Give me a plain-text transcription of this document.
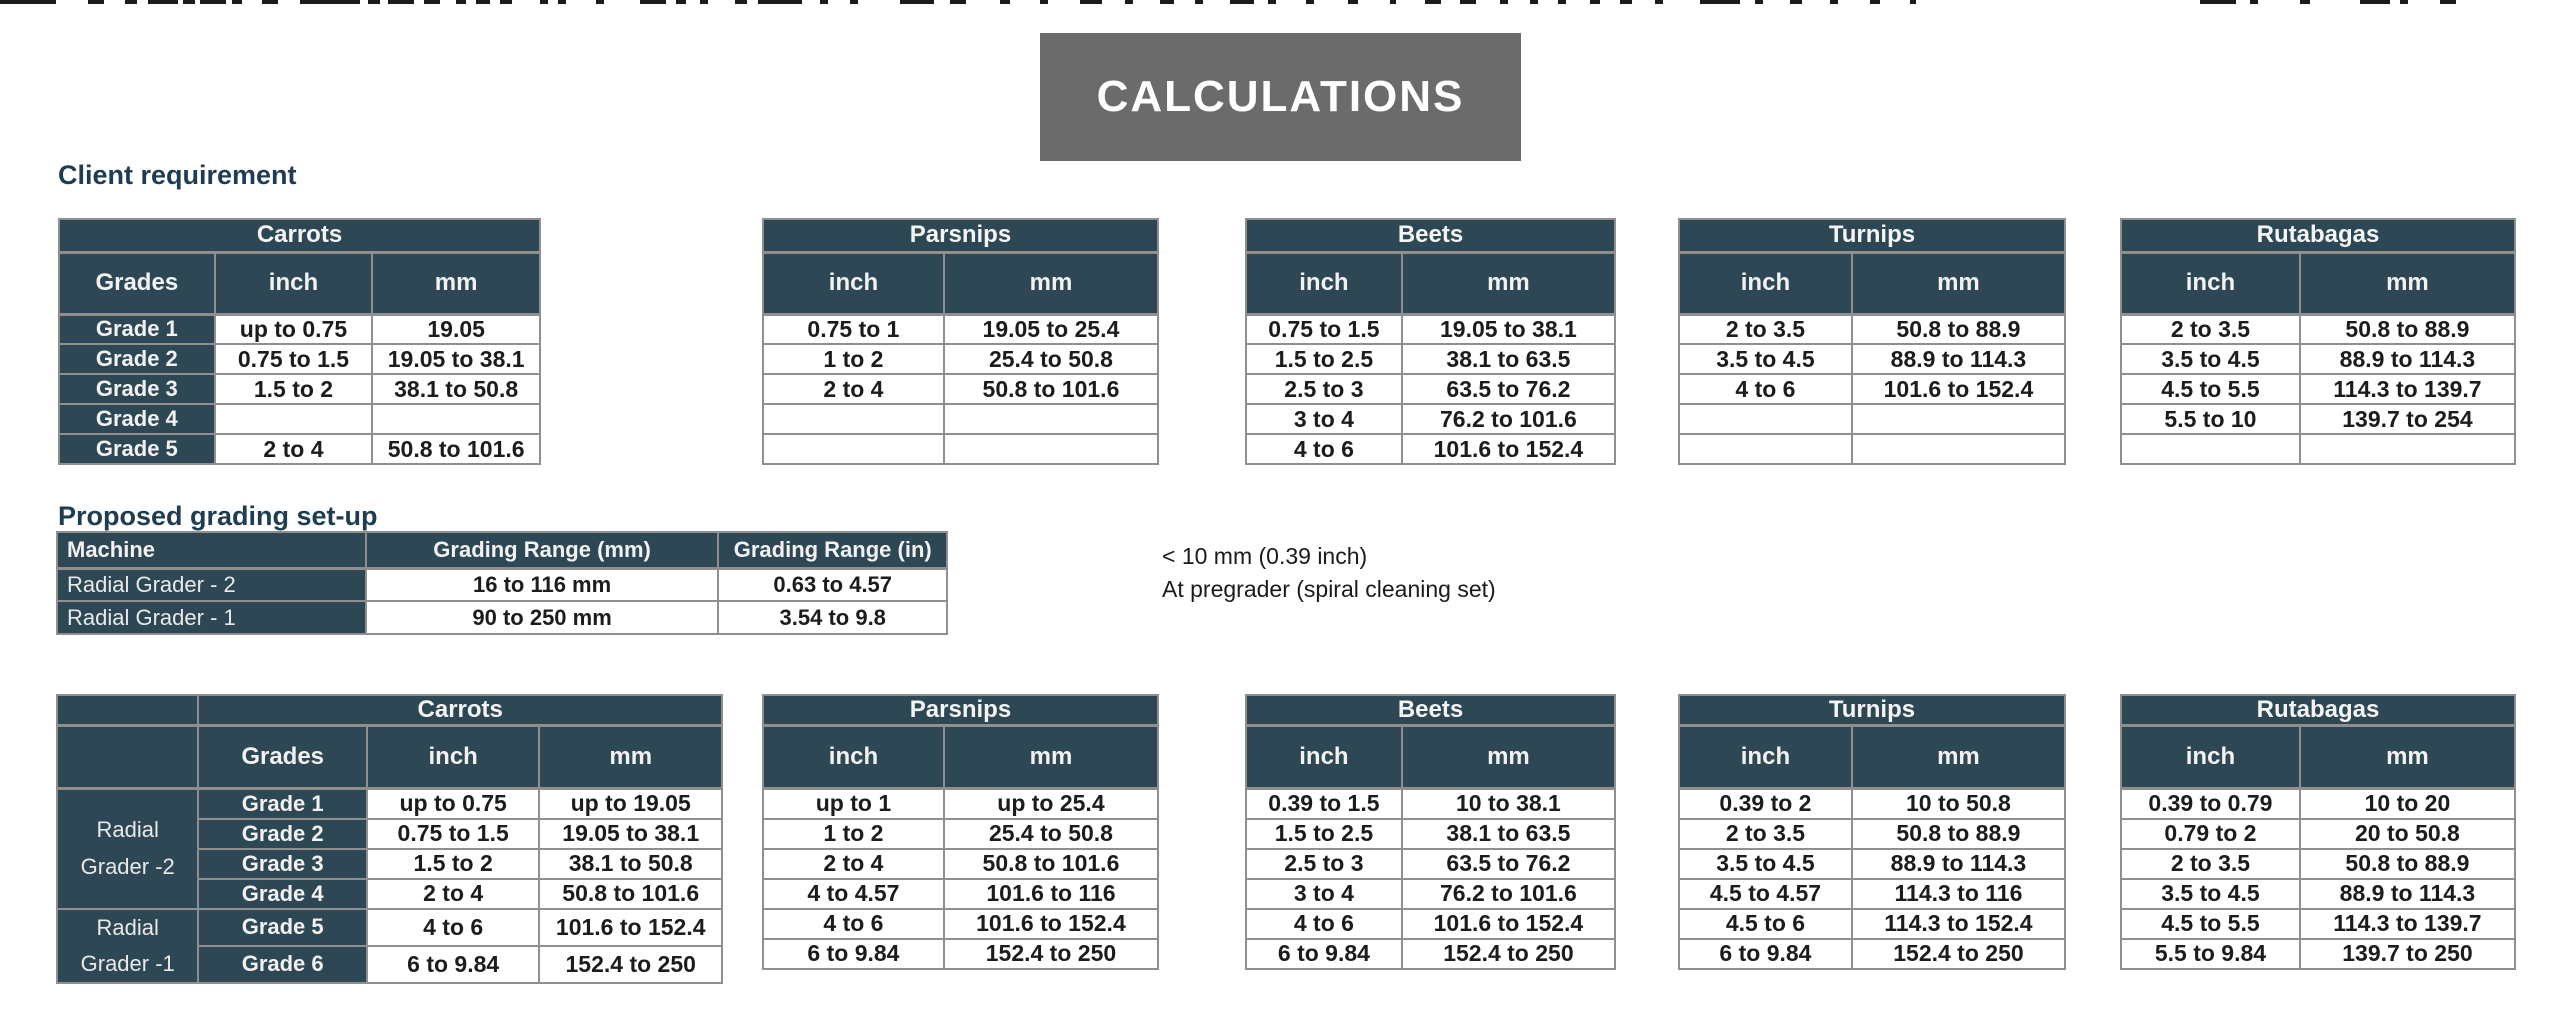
CALCULATIONS
Client requirement
Carrots		
Grades	inch	mm
Grade 1	up to 0.75	19.05
Grade 2	0.75 to 1.5	19.05 to 38.1
Grade 3	1.5 to 2	38.1 to 50.8
Grade 4		
Grade 5	2 to 4	50.8 to 101.6
Parsnips	
inch	mm
0.75 to 1	19.05 to 25.4
1 to 2	25.4 to 50.8
2 to 4	50.8 to 101.6

Beets	
inch	mm
0.75 to 1.5	19.05 to 38.1
1.5 to 2.5	38.1 to 63.5
2.5 to 3	63.5 to 76.2
3 to 4	76.2 to 101.6
4 to 6	101.6 to 152.4
Turnips	
inch	mm
2 to 3.5	50.8 to 88.9
3.5 to 4.5	88.9 to 114.3
4 to 6	101.6 to 152.4

Rutabagas	
inch	mm
2 to 3.5	50.8 to 88.9
3.5 to 4.5	88.9 to 114.3
4.5 to 5.5	114.3 to 139.7
5.5 to 10	139.7 to 254

Proposed grading set-up
Machine	Grading Range (mm)	Grading Range (in)
Radial Grader - 2	16 to 116 mm	0.63 to 4.57
Radial Grader - 1	90 to 250 mm	3.54 to 9.8
< 10 mm (0.39 inch)
At pregrader (spiral cleaning set)
	Carrots		
	Grades	inch	mm
Radial Grader -2	Grade 1	up to 0.75	up to 19.05
	Grade 2	0.75 to 1.5	19.05 to 38.1
	Grade 3	1.5 to 2	38.1 to 50.8
	Grade 4	2 to 4	50.8 to 101.6
Radial Grader -1	Grade 5	4 to 6	101.6 to 152.4
	Grade 6	6 to 9.84	152.4 to 250
Parsnips	
inch	mm
up to 1	up to 25.4
1 to 2	25.4 to 50.8
2 to 4	50.8 to 101.6
4 to 4.57	101.6 to 116
4 to 6	101.6 to 152.4
6 to 9.84	152.4 to 250
Beets	
inch	mm
0.39 to 1.5	10 to 38.1
1.5 to 2.5	38.1 to 63.5
2.5 to 3	63.5 to 76.2
3 to 4	76.2 to 101.6
4 to 6	101.6 to 152.4
6 to 9.84	152.4 to 250
Turnips	
inch	mm
0.39 to 2	10 to 50.8
2 to 3.5	50.8 to 88.9
3.5 to 4.5	88.9 to 114.3
4.5 to 4.57	114.3 to 116
4.5 to 6	114.3 to 152.4
6 to 9.84	152.4 to 250
Rutabagas	
inch	mm
0.39 to 0.79	10 to 20
0.79 to 2	20 to 50.8
2 to 3.5	50.8 to 88.9
3.5 to 4.5	88.9 to 114.3
4.5 to 5.5	114.3 to 139.7
5.5 to 9.84	139.7 to 250
